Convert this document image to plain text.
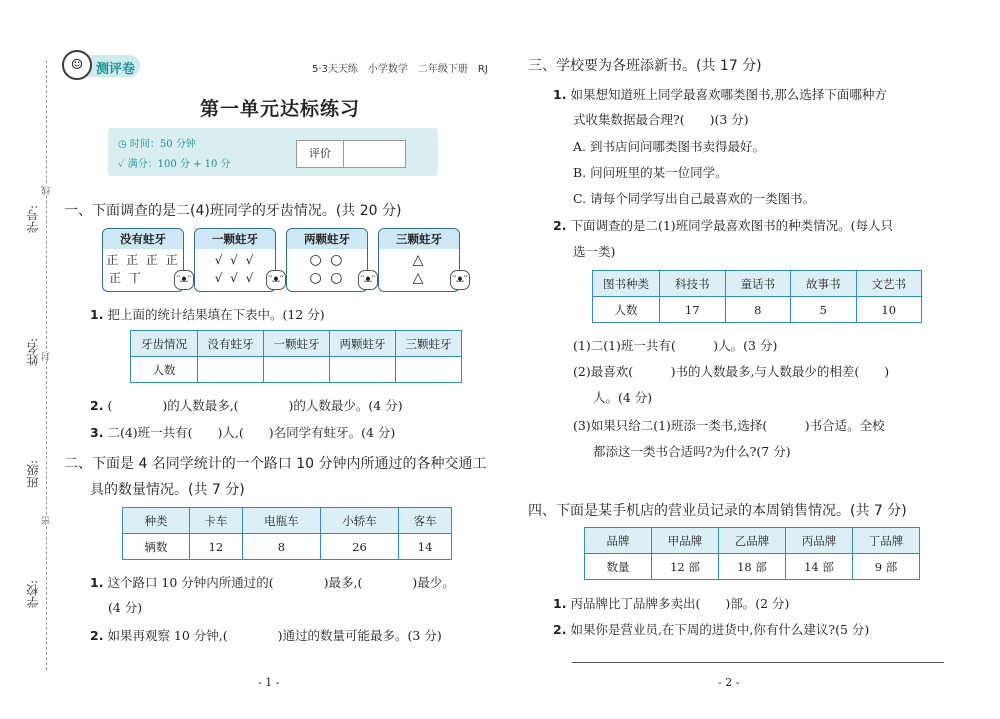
学号:
姓名:
班级:
学校:
线
封
密
☺ 测评卷	5·3天天练　小学数学　二年级下册　RJ
第一单元达标练习
◷ 时间：50 分钟
✓ 满分：100 分 + 10 分
评价
一、下面调查的是二(4)班同学的牙齿情况。(共 20 分)
没有蛀牙
正 正 正 正
正 丅
一颗蛀牙
√ √ √
√ √ √
两颗蛀牙
○ ○
○ ○
三颗蛀牙
△
△
ᵔᴥᵔ	ᵔᴥᵔ	ᵔᴥᵔ	ᵔᴥᵔ
1. 把上面的统计结果填在下表中。(12 分)
牙齿情况	没有蛀牙	一颗蛀牙	两颗蛀牙	三颗蛀牙
人数				
2. (　　　　)的人数最多,(　　　　)的人数最少。(4 分)
3. 二(4)班一共有(　　)人,(　　)名同学有蛀牙。(4 分)
二、下面是 4 名同学统计的一个路口 10 分钟内所通过的各种交通工
具的数量情况。(共 7 分)
种类	卡车	电瓶车	小轿车	客车
辆数	12	8	26	14
1. 这个路口 10 分钟内所通过的(　　　　)最多,(　　　　)最少。
(4 分)
2. 如果再观察 10 分钟,(　　　　)通过的数量可能最多。(3 分)
- 1 -
三、学校要为各班添新书。(共 17 分)
1. 如果想知道班上同学最喜欢哪类图书,那么选择下面哪种方
式收集数据最合理?(　　)(3 分)
A. 到书店问问哪类图书卖得最好。
B. 问问班里的某一位同学。
C. 请每个同学写出自己最喜欢的一类图书。
2. 下面调查的是二(1)班同学最喜欢图书的种类情况。(每人只
选一类)
图书种类	科技书	童话书	故事书	文艺书
人数	17	8	5	10
(1)二(1)班一共有(　　　)人。(3 分)
(2)最喜欢(　　　)书的人数最多,与人数最少的相差(　　)
人。(4 分)
(3)如果只给二(1)班添一类书,选择(　　　)书合适。全校
都添这一类书合适吗?为什么?(7 分)
四、下面是某手机店的营业员记录的本周销售情况。(共 7 分)
品牌	甲品牌	乙品牌	丙品牌	丁品牌
数量	12 部	18 部	14 部	9 部
1. 丙品牌比丁品牌多卖出(　　)部。(2 分)
2. 如果你是营业员,在下周的进货中,你有什么建议?(5 分)
- 2 -
